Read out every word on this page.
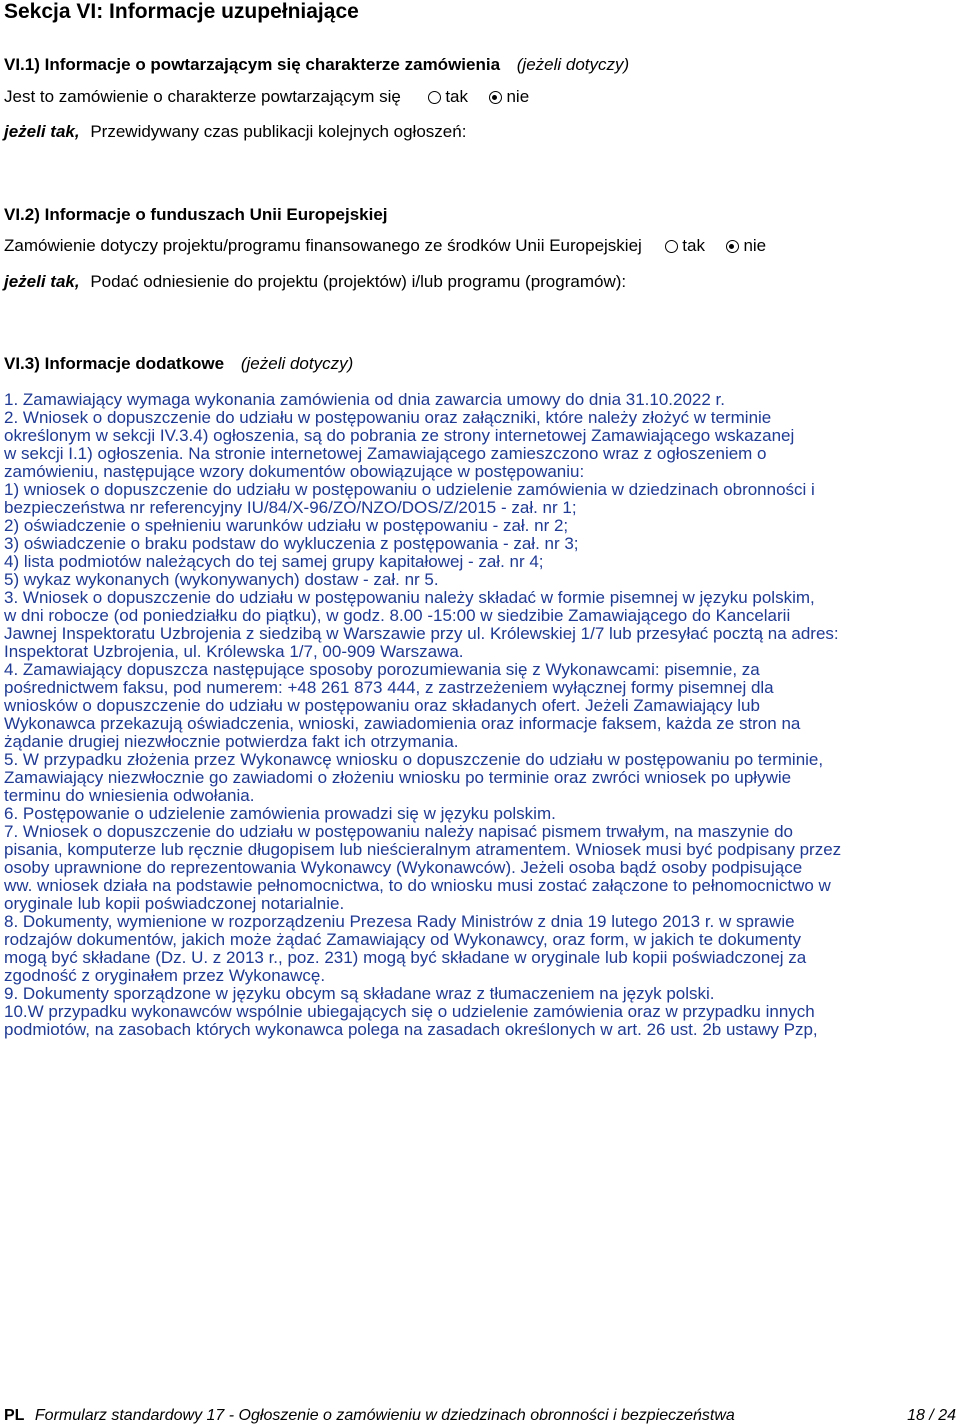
Sekcja VI: Informacje uzupełniające
VI.1) Informacje o powtarzającym się charakterze zamówienia (jeżeli dotyczy)
Jest to zamówienie o charakterze powtarzającym się	tak nie
jeżeli tak, Przewidywany czas publikacji kolejnych ogłoszeń:
VI.2) Informacje o funduszach Unii Europejskiej
Zamówienie dotyczy projektu/programu finansowanego ze środków Unii Europejskiej tak nie
jeżeli tak, Podać odniesienie do projektu (projektów) i/lub programu (programów):
VI.3) Informacje dodatkowe (jeżeli dotyczy)
1. Zamawiający wymaga wykonania zamówienia od dnia zawarcia umowy do dnia 31.10.2022 r.
2. Wniosek o dopuszczenie do udziału w postępowaniu oraz załączniki, które należy złożyć w terminie
określonym w sekcji IV.3.4) ogłoszenia, są do pobrania ze strony internetowej Zamawiającego wskazanej
w sekcji I.1) ogłoszenia. Na stronie internetowej Zamawiającego zamieszczono wraz z ogłoszeniem o
zamówieniu, następujące wzory dokumentów obowiązujące w postępowaniu:
1) wniosek o dopuszczenie do udziału w postępowaniu o udzielenie zamówienia w dziedzinach obronności i
bezpieczeństwa nr referencyjny IU/84/X-96/ZO/NZO/DOS/Z/2015 - zał. nr 1;
2) oświadczenie o spełnieniu warunków udziału w postępowaniu - zał. nr 2;
3) oświadczenie o braku podstaw do wykluczenia z postępowania - zał. nr 3;
4) lista podmiotów należących do tej samej grupy kapitałowej - zał. nr 4;
5) wykaz wykonanych (wykonywanych) dostaw - zał. nr 5.
3. Wniosek o dopuszczenie do udziału w postępowaniu należy składać w formie pisemnej w języku polskim,
w dni robocze (od poniedziałku do piątku), w godz. 8.00 -15:00 w siedzibie Zamawiającego do Kancelarii
Jawnej Inspektoratu Uzbrojenia z siedzibą w Warszawie przy ul. Królewskiej 1/7 lub przesyłać pocztą na adres:
Inspektorat Uzbrojenia, ul. Królewska 1/7, 00-909 Warszawa.
4. Zamawiający dopuszcza następujące sposoby porozumiewania się z Wykonawcami: pisemnie, za
pośrednictwem faksu, pod numerem: +48 261 873 444, z zastrzeżeniem wyłącznej formy pisemnej dla
wniosków o dopuszczenie do udziału w postępowaniu oraz składanych ofert. Jeżeli Zamawiający lub
Wykonawca przekazują oświadczenia, wnioski, zawiadomienia oraz informacje faksem, każda ze stron na
żądanie drugiej niezwłocznie potwierdza fakt ich otrzymania.
5. W przypadku złożenia przez Wykonawcę wniosku o dopuszczenie do udziału w postępowaniu po terminie,
Zamawiający niezwłocznie go zawiadomi o złożeniu wniosku po terminie oraz zwróci wniosek po upływie
terminu do wniesienia odwołania.
6. Postępowanie o udzielenie zamówienia prowadzi się w języku polskim.
7. Wniosek o dopuszczenie do udziału w postępowaniu należy napisać pismem trwałym, na maszynie do
pisania, komputerze lub ręcznie długopisem lub nieścieralnym atramentem. Wniosek musi być podpisany przez
osoby uprawnione do reprezentowania Wykonawcy (Wykonawców). Jeżeli osoba bądź osoby podpisujące
ww. wniosek działa na podstawie pełnomocnictwa, to do wniosku musi zostać załączone to pełnomocnictwo w
oryginale lub kopii poświadczonej notarialnie.
8. Dokumenty, wymienione w rozporządzeniu Prezesa Rady Ministrów z dnia 19 lutego 2013 r. w sprawie
rodzajów dokumentów, jakich może żądać Zamawiający od Wykonawcy, oraz form, w jakich te dokumenty
mogą być składane (Dz. U. z 2013 r., poz. 231) mogą być składane w oryginale lub kopii poświadczonej za
zgodność z oryginałem przez Wykonawcę.
9. Dokumenty sporządzone w języku obcym są składane wraz z tłumaczeniem na język polski.
10.W przypadku wykonawców wspólnie ubiegających się o udzielenie zamówienia oraz w przypadku innych
podmiotów, na zasobach których wykonawca polega na zasadach określonych w art. 26 ust. 2b ustawy Pzp,
PL Formularz standardowy 17 - Ogłoszenie o zamówieniu w dziedzinach obronności i bezpieczeństwa	18 / 24
